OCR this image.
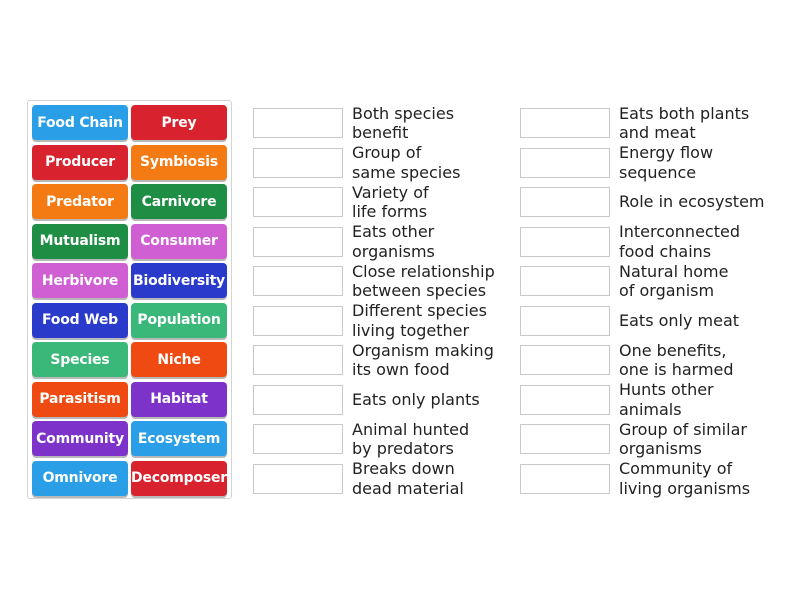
Food Chain	Prey
Producer	Symbiosis
Predator	Carnivore
Mutualism	Consumer
Herbivore	Biodiversity
Food Web	Population
Species	Niche
Parasitism	Habitat
Community Ecosystem
Omnivore Decomposer
Both species
benefit
Group of
same species
Variety of
life forms
Eats other
organisms
Close relationship
between species
Different species
living together
Organism making
its own food
Eats only plants
Animal hunted
by predators
Breaks down
dead material
Eats both plants
and meat
Energy flow
sequence
Role in ecosystem
Interconnected
food chains
Natural home
of organism
Eats only meat
One benefits,
one is harmed
Hunts other
animals
Group of similar
organisms
Community of
living organisms
